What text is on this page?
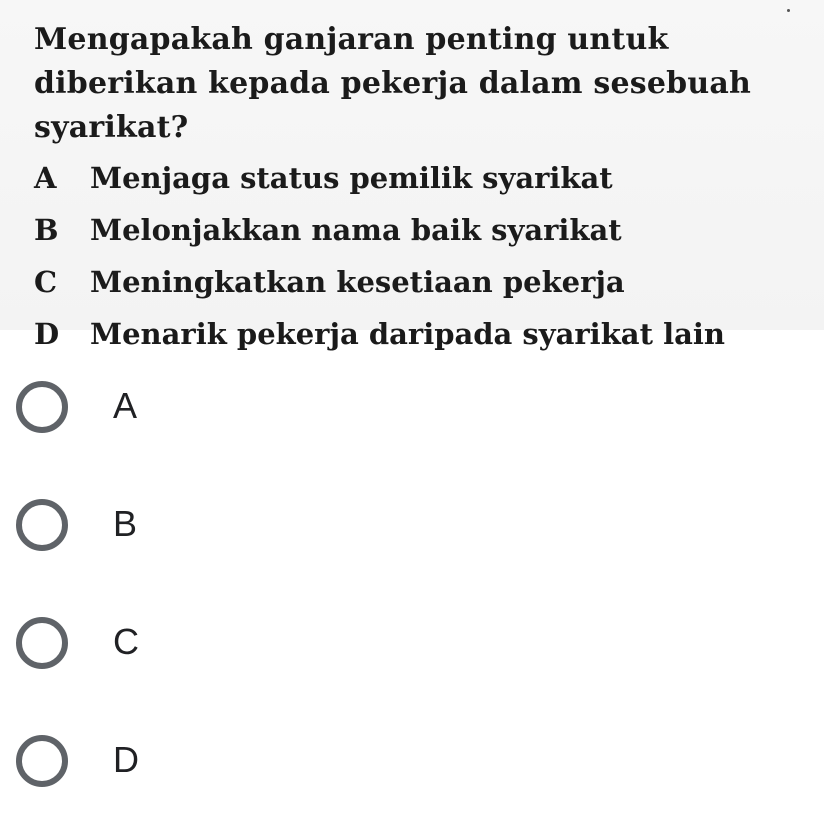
Mengapakah ganjaran penting untuk diberikan kepada pekerja dalam sesebuah syarikat?
A	Menjaga status pemilik syarikat
B	Melonjakkan nama baik syarikat
C	Meningkatkan kesetiaan pekerja
D	Menarik pekerja daripada syarikat lain
A
B
C
D
